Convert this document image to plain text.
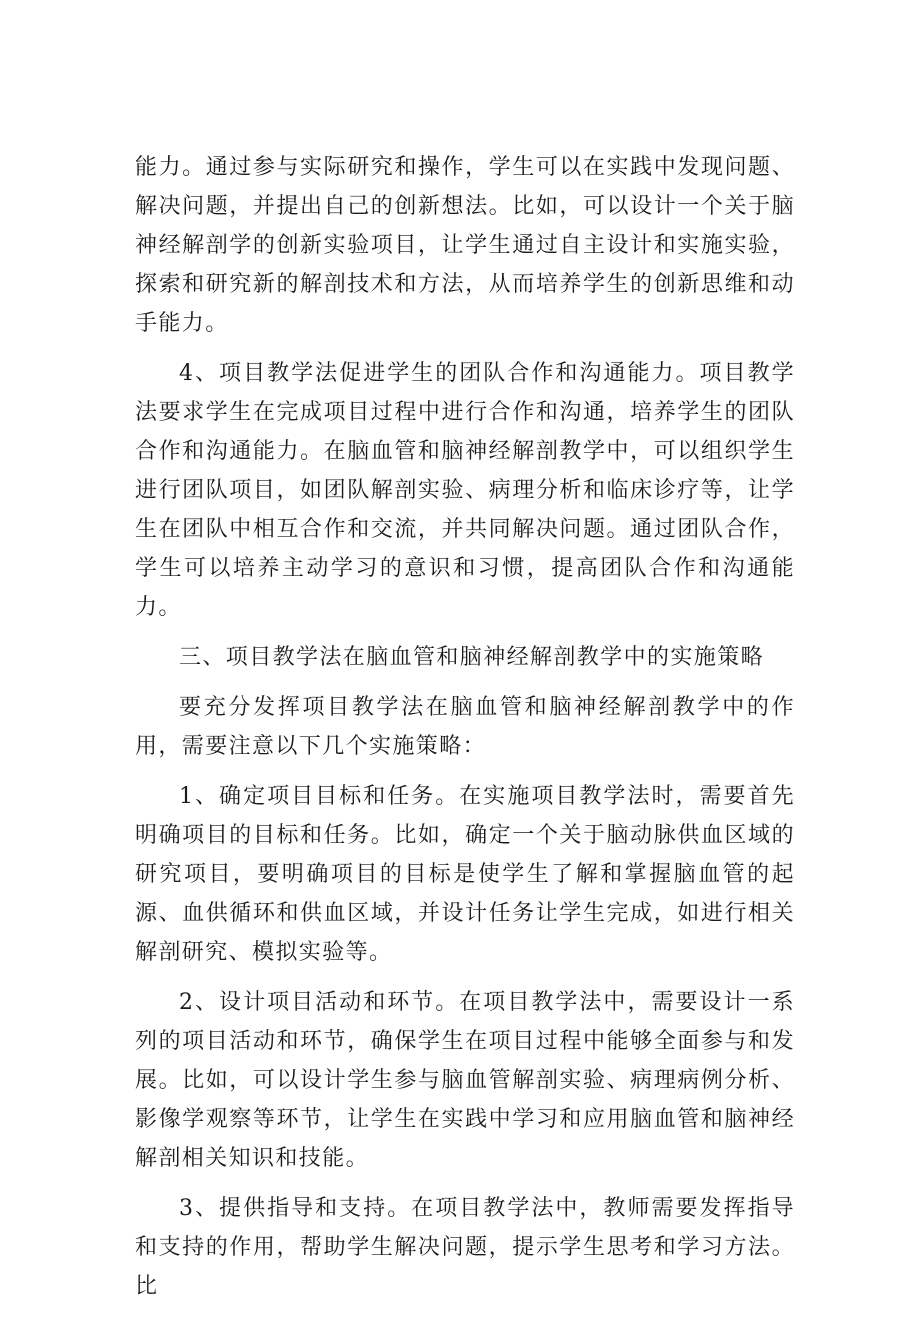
能力。通过参与实际研究和操作，学生可以在实践中发现问题、解决问题，并提出自己的创新想法。比如，可以设计一个关于脑神经解剖学的创新实验项目，让学生通过自主设计和实施实验，探索和研究新的解剖技术和方法，从而培养学生的创新思维和动手能力。

4、项目教学法促进学生的团队合作和沟通能力。项目教学法要求学生在完成项目过程中进行合作和沟通，培养学生的团队合作和沟通能力。在脑血管和脑神经解剖教学中，可以组织学生进行团队项目，如团队解剖实验、病理分析和临床诊疗等，让学生在团队中相互合作和交流，并共同解决问题。通过团队合作，学生可以培养主动学习的意识和习惯，提高团队合作和沟通能力。

三、项目教学法在脑血管和脑神经解剖教学中的实施策略

要充分发挥项目教学法在脑血管和脑神经解剖教学中的作用，需要注意以下几个实施策略：

1、确定项目目标和任务。在实施项目教学法时，需要首先明确项目的目标和任务。比如，确定一个关于脑动脉供血区域的研究项目，要明确项目的目标是使学生了解和掌握脑血管的起源、血供循环和供血区域，并设计任务让学生完成，如进行相关解剖研究、模拟实验等。

2、设计项目活动和环节。在项目教学法中，需要设计一系列的项目活动和环节，确保学生在项目过程中能够全面参与和发展。比如，可以设计学生参与脑血管解剖实验、病理病例分析、影像学观察等环节，让学生在实践中学习和应用脑血管和脑神经解剖相关知识和技能。

3、提供指导和支持。在项目教学法中，教师需要发挥指导和支持的作用，帮助学生解决问题，提示学生思考和学习方法。比
